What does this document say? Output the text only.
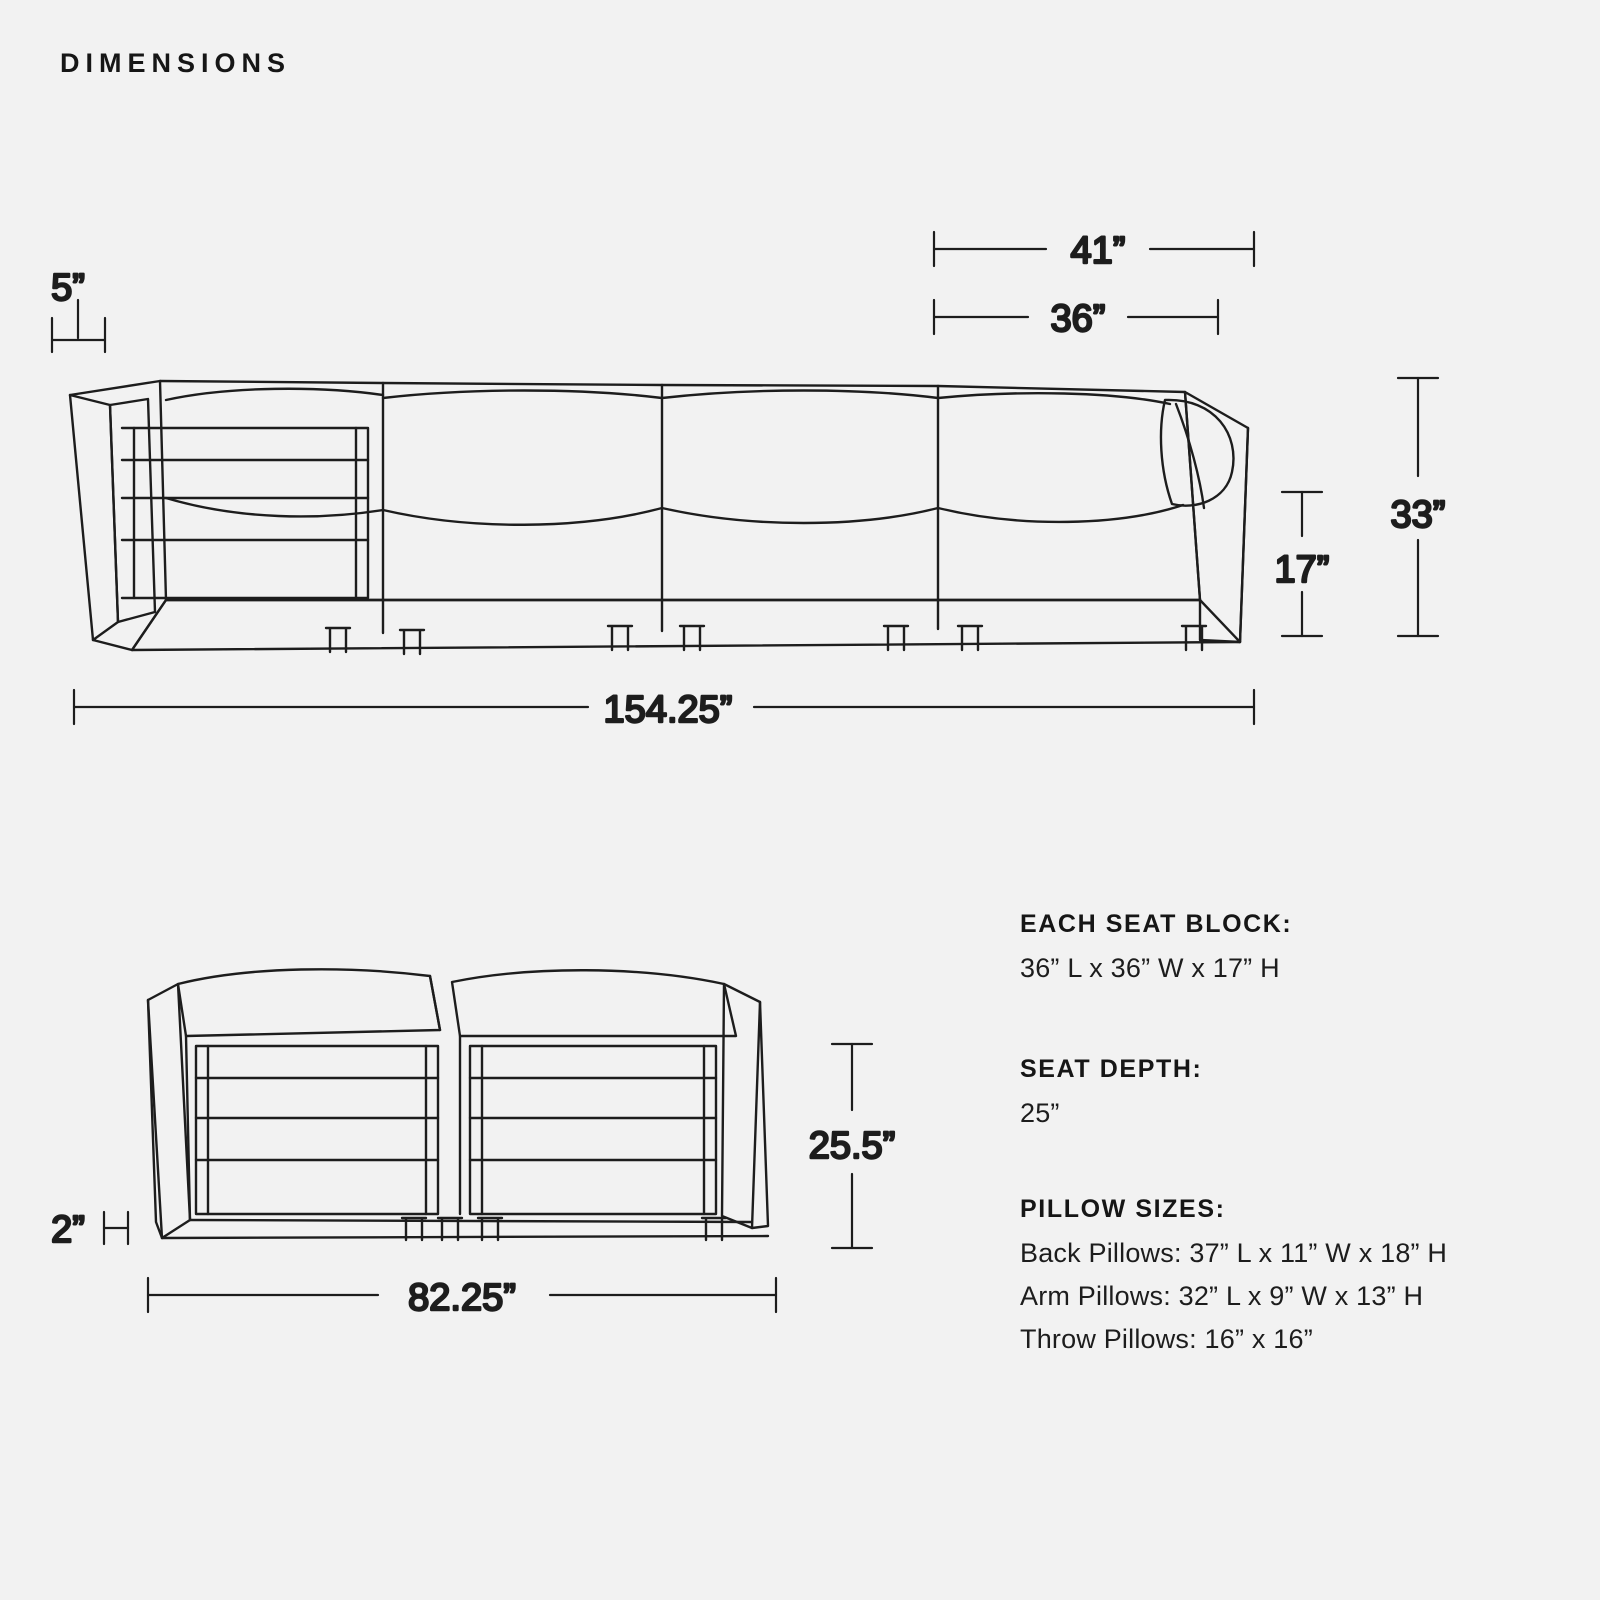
DIMENSIONS
5”
41”
36”
33”
17”
154.25”
2”
25.5”
82.25”
EACH SEAT BLOCK:
36” L x 36” W x 17” H
SEAT DEPTH:
25”
PILLOW SIZES:
Back Pillows: 37” L x 11” W x 18” H
Arm Pillows: 32” L x 9” W x 13” H
Throw Pillows: 16” x 16”
